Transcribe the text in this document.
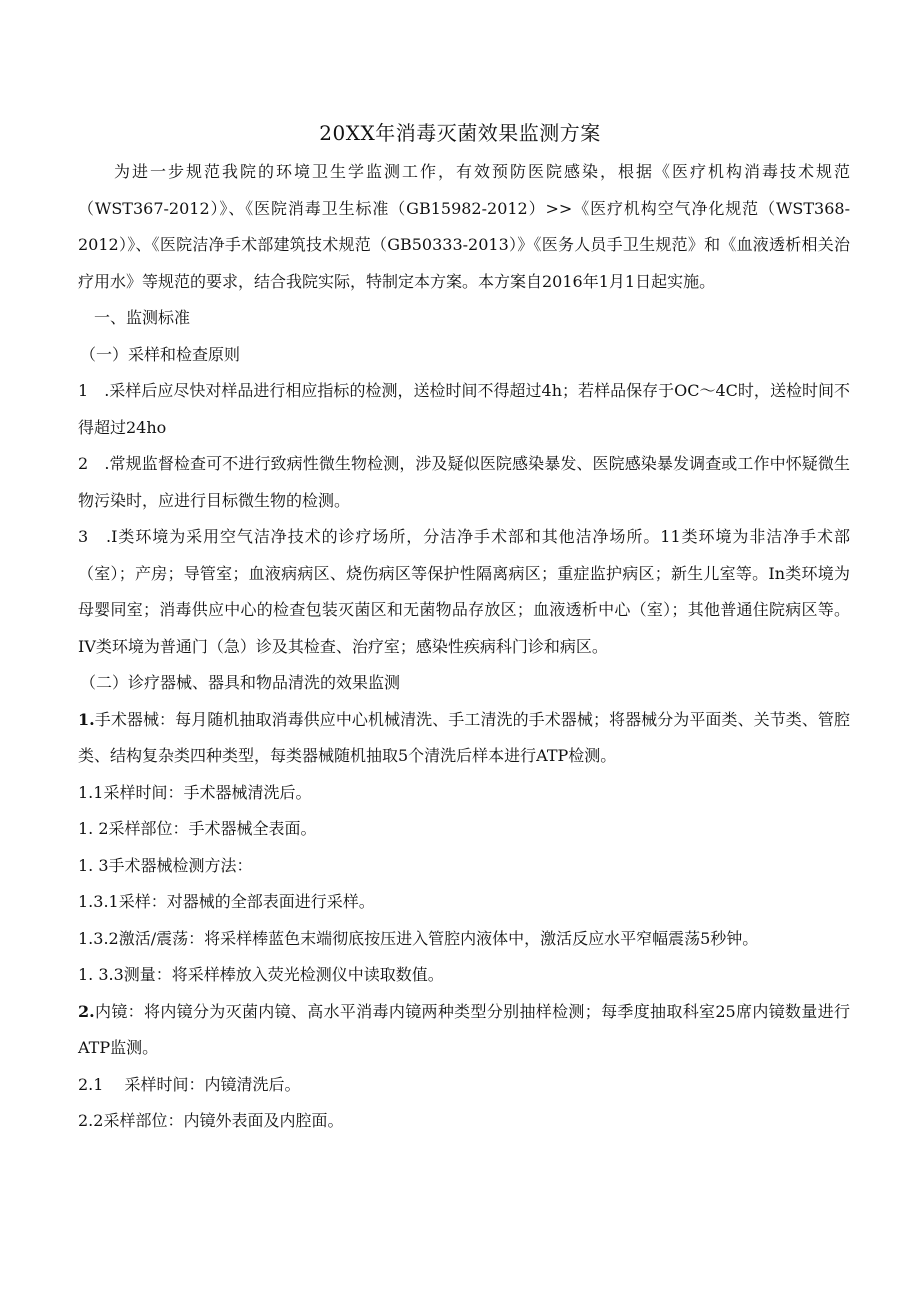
20XX年消毒灭菌效果监测方案

为进一步规范我院的环境卫生学监测工作，有效预防医院感染，根据《医疗机构消毒技术规范（WST367-2012）》、《医院消毒卫生标准（GB15982-2012）>>《医疗机构空气净化规范（WST368-2012）》、《医院洁净手术部建筑技术规范（GB50333-2013）》《医务人员手卫生规范》和《血液透析相关治疗用水》等规范的要求，结合我院实际，特制定本方案。本方案自2016年1月1日起实施。

一、监测标准

（一）采样和检查原则

1　.采样后应尽快对样品进行相应指标的检测，送检时间不得超过4h；若样品保存于OC～4C时，送检时间不得超过24ho

2　.常规监督检查可不进行致病性微生物检测，涉及疑似医院感染暴发、医院感染暴发调查或工作中怀疑微生物污染时，应进行目标微生物的检测。

3　.I类环境为采用空气洁净技术的诊疗场所，分洁净手术部和其他洁净场所。11类环境为非洁净手术部（室）；产房；导管室；血液病病区、烧伤病区等保护性隔离病区；重症监护病区；新生儿室等。In类环境为母婴同室；消毒供应中心的检查包装灭菌区和无菌物品存放区；血液透析中心（室）；其他普通住院病区等。IV类环境为普通门（急）诊及其检查、治疗室；感染性疾病科门诊和病区。

（二）诊疗器械、器具和物品清洗的效果监测

1.手术器械：每月随机抽取消毒供应中心机械清洗、手工清洗的手术器械；将器械分为平面类、关节类、管腔类、结构复杂类四种类型，每类器械随机抽取5个清洗后样本进行ATP检测。

1.1采样时间：手术器械清洗后。

1. 2采样部位：手术器械全表面。

1. 3手术器械检测方法：

1.3.1采样：对器械的全部表面进行采样。

1.3.2激活/震荡：将采样棒蓝色末端彻底按压进入管腔内液体中，激活反应水平窄幅震荡5秒钟。

1. 3.3测量：将采样棒放入荧光检测仪中读取数值。

2.内镜：将内镜分为灭菌内镜、高水平消毒内镜两种类型分别抽样检测；每季度抽取科室25席内镜数量进行ATP监测。

2.1　 采样时间：内镜清洗后。

2.2采样部位：内镜外表面及内腔面。
